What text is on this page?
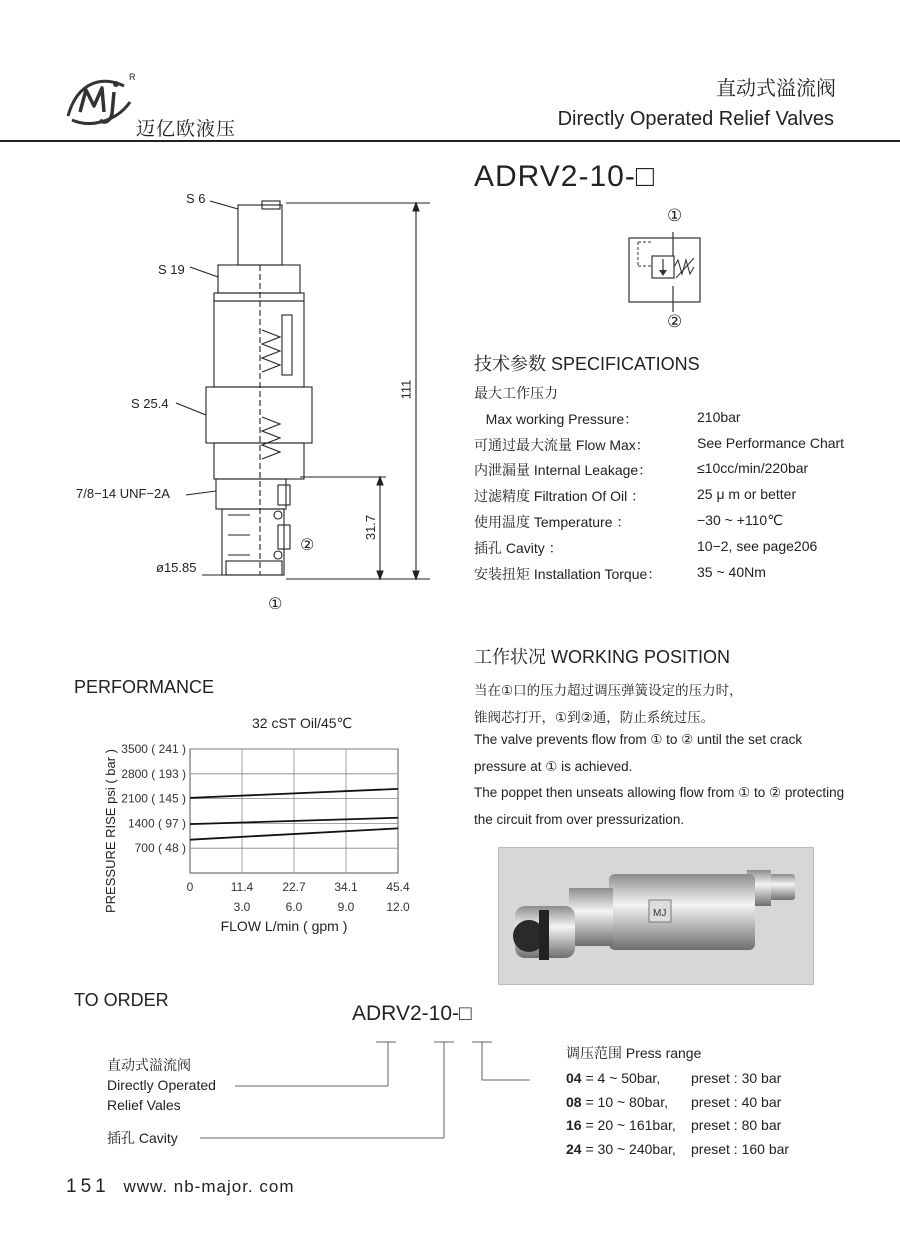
R
迈亿欧液压
直动式溢流阀
Directly Operated Relief Valves
ADRV2-10-□
①
②
S 6
S 19
S 25.4
7/8−14 UNF−2A
ø15.85
111
31.7
②
①
技术参数 SPECIFICATIONS
最大工作压力
Max working Pressure：	210bar
可通过最大流量 Flow Max：	See Performance Chart
内泄漏量 Internal Leakage：	≤10cc/min/220bar
过滤精度 Filtration Of Oil ：	25 μ m or better
使用温度 Temperature ：	−30 ~ +110℃
插孔 Cavity ：	10−2, see page206
安装扭矩 Installation Torque：	35 ~ 40Nm
工作状况 WORKING POSITION
当在①口的压力超过调压弹簧设定的压力时，
锥阀芯打开，①到②通，防止系统过压。
The valve prevents flow from ① to ② until the set crack
pressure at ① is achieved.
The poppet then unseats allowing flow from ① to ② protecting
the circuit from over pressurization.
MJ
PERFORMANCE
32 cST Oil/45℃
0	11.4
3.0
22.7
6.0
34.1
9.0
45.4
12.0
700 ( 48 )
1400 ( 97 )
2100 ( 145 )
2800 ( 193 )
3500 ( 241 )
FLOW L/min ( gpm )
PRESSURE RISE psi ( bar )
TO ORDER
ADRV2-10-□
直动式溢流阀
Directly Operated
Relief Vales
插孔 Cavity
调压范围 Press range
04 = 4 ~ 50bar, preset : 30 bar
08 = 10 ~ 80bar, preset : 40 bar
16 = 20 ~ 161bar, preset : 80 bar
24 = 30 ~ 240bar, preset : 160 bar
151 www. nb-major. com
